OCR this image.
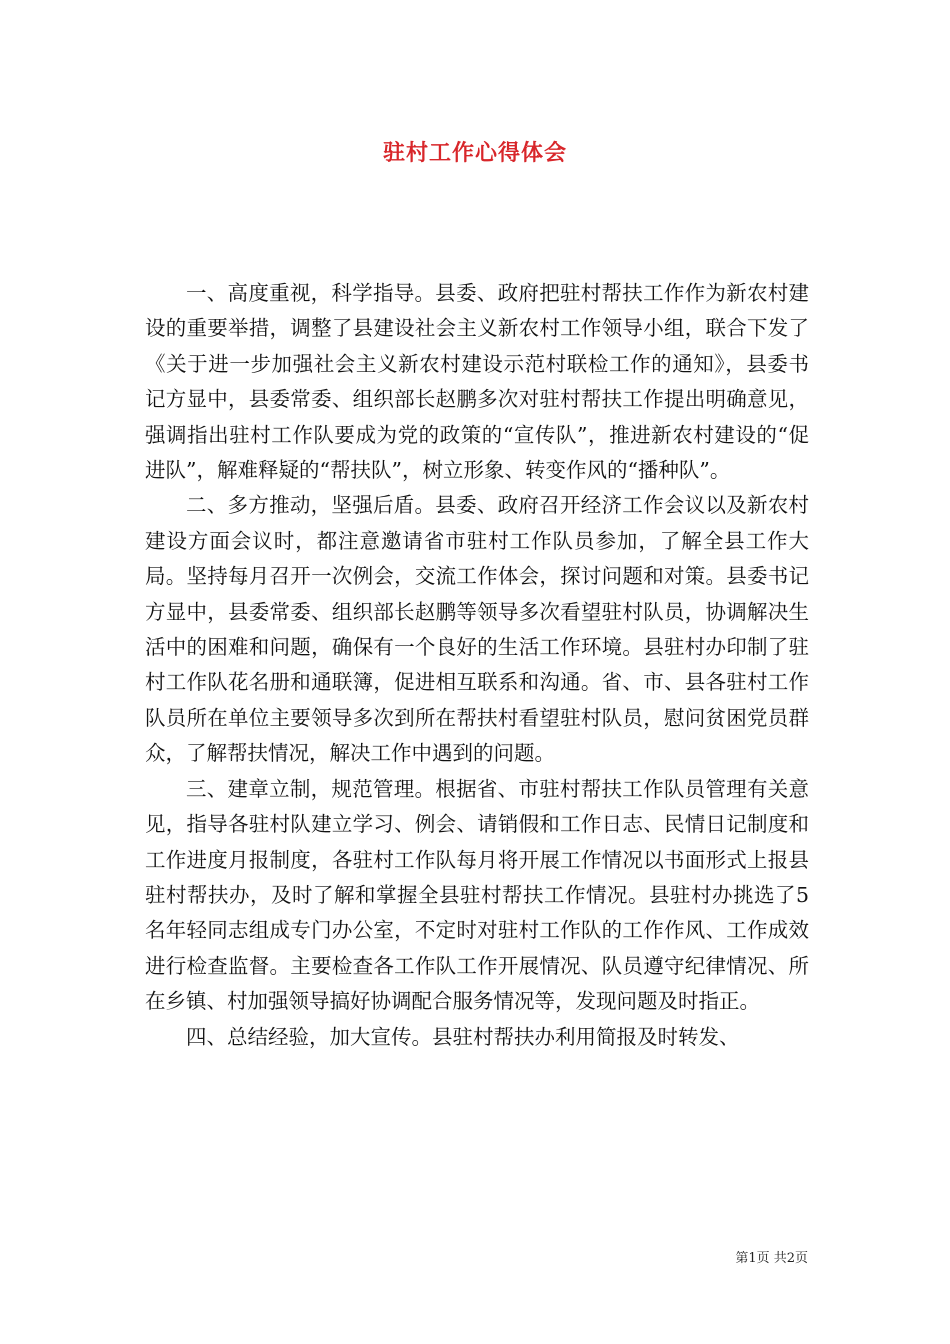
驻村工作心得体会

一、高度重视，科学指导。县委、政府把驻村帮扶工作作为新农村建设的重要举措，调整了县建设社会主义新农村工作领导小组，联合下发了《关于进一步加强社会主义新农村建设示范村联检工作的通知》，县委书记方显中，县委常委、组织部长赵鹏多次对驻村帮扶工作提出明确意见，强调指出驻村工作队要成为党的政策的“宣传队”，推进新农村建设的“促进队”，解难释疑的“帮扶队”，树立形象、转变作风的“播种队”。

二、多方推动，坚强后盾。县委、政府召开经济工作会议以及新农村建设方面会议时，都注意邀请省市驻村工作队员参加，了解全县工作大局。坚持每月召开一次例会，交流工作体会，探讨问题和对策。县委书记方显中，县委常委、组织部长赵鹏等领导多次看望驻村队员，协调解决生活中的困难和问题，确保有一个良好的生活工作环境。县驻村办印制了驻村工作队花名册和通联簿，促进相互联系和沟通。省、市、县各驻村工作队员所在单位主要领导多次到所在帮扶村看望驻村队员，慰问贫困党员群众，了解帮扶情况，解决工作中遇到的问题。

三、建章立制，规范管理。根据省、市驻村帮扶工作队员管理有关意见，指导各驻村队建立学习、例会、请销假和工作日志、民情日记制度和工作进度月报制度，各驻村工作队每月将开展工作情况以书面形式上报县驻村帮扶办，及时了解和掌握全县驻村帮扶工作情况。县驻村办挑选了5名年轻同志组成专门办公室，不定时对驻村工作队的工作作风、工作成效进行检查监督。主要检查各工作队工作开展情况、队员遵守纪律情况、所在乡镇、村加强领导搞好协调配合服务情况等，发现问题及时指正。

四、总结经验，加大宣传。县驻村帮扶办利用简报及时转发、

第1页 共2页
